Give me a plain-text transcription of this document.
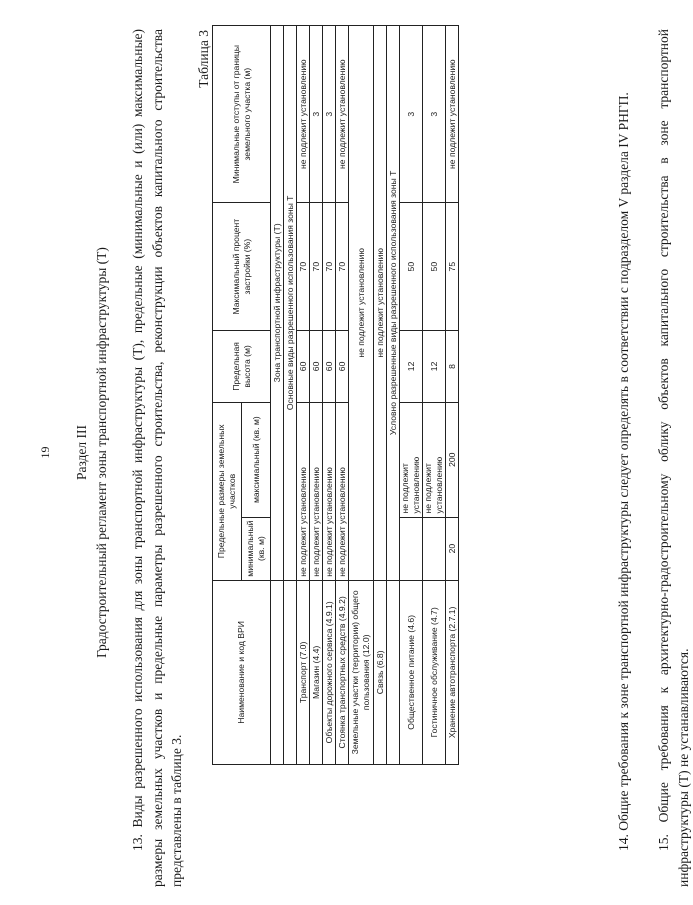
19 Раздел III Градостроительный регламент зоны транспортной инфраструктуры (Т) 13. Виды разрешенного использования для зоны транспортной инфраструктуры (Т), предельные (минимальные и (или) максимальные) размеры земельных участков и предельные параметры разрешенного строительства, реконструкции объектов капитального строительства представлены в таблице 3.
Таблица 3
Наименование и код ВРИ	Предельные размеры земельных участков		Предельная высота (м)	Максимальный процент застройки (%)	Минимальные отступы от границы земельного участка (м)
	минимальный (кв. м)	максимальный (кв. м)			
	Зона транспортной инфраструктуры (Т)				
	Основные виды разрешенного использования зоны Т				
Транспорт (7.0)	не подлежит установлению		60	70	не подлежит установлению
Магазин (4.4)	не подлежит установлению		60	70	3
Объекты дорожного сервиса (4.9.1)	не подлежит установлению		60	70	3
Стоянка транспортных средств (4.9.2)	не подлежит установлению		60	70	не подлежит установлению
Земельные участки (территории) общего пользования (12.0)	не подлежит установлению				
Связь (6.8)	не подлежит установлению				
	Условно разрешенные виды разрешенного использования зоны Т				
Общественное питание (4.6)		не подлежит установлению	12	50	3
Гостиничное обслуживание (4.7)		не подлежит установлению	12	50	3
Хранение автотранспорта (2.7.1)	20	200	8	75	не подлежит установлению	14. Общие требования к зоне транспортной инфраструктуры следует определять в соответствии с подразделом V раздела IV РНГП. 15. Общие требования к архитектурно-градостроительному облику объектов капитального строительства в зоне транспортной инфраструктуры (Т) не устанавливаются.
